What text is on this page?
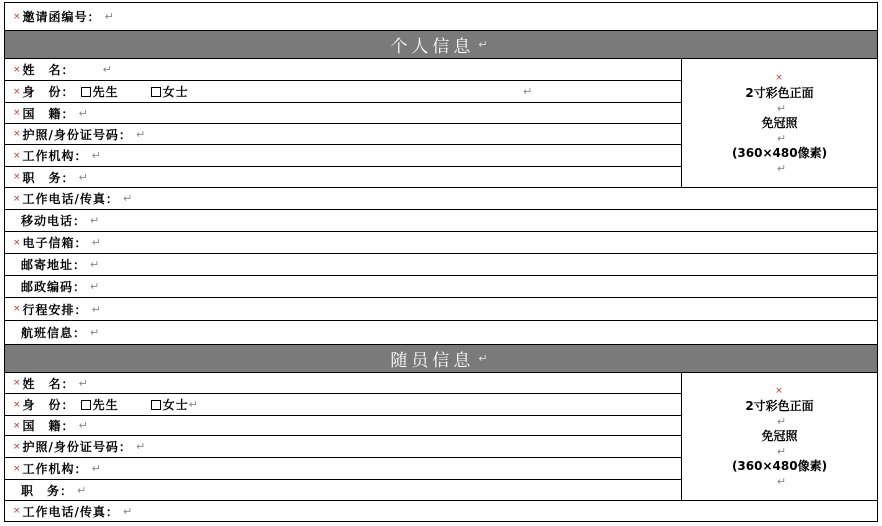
× 邀请函编号： ↵
个人信息 ↵
× 姓　名：	↵
× 身　份： 先生	女士	↵
× 国　籍： ↵
× 护照/身份证号码： ↵
× 工作机构： ↵
× 职　务： ↵
×
2寸彩色正面
↵
免冠照
↵
(360×480像素)
↵
× 工作电话/传真： ↵
移动电话： ↵
× 电子信箱： ↵
邮寄地址： ↵
邮政编码： ↵
× 行程安排： ↵
航班信息： ↵
随员信息 ↵
× 姓　名： ↵
× 身　份： 先生	女士 ↵
× 国　籍： ↵
× 护照/身份证号码： ↵
× 工作机构： ↵
职　务： ↵
×
2寸彩色正面
↵
免冠照
↵
(360×480像素)
↵
× 工作电话/传真： ↵
